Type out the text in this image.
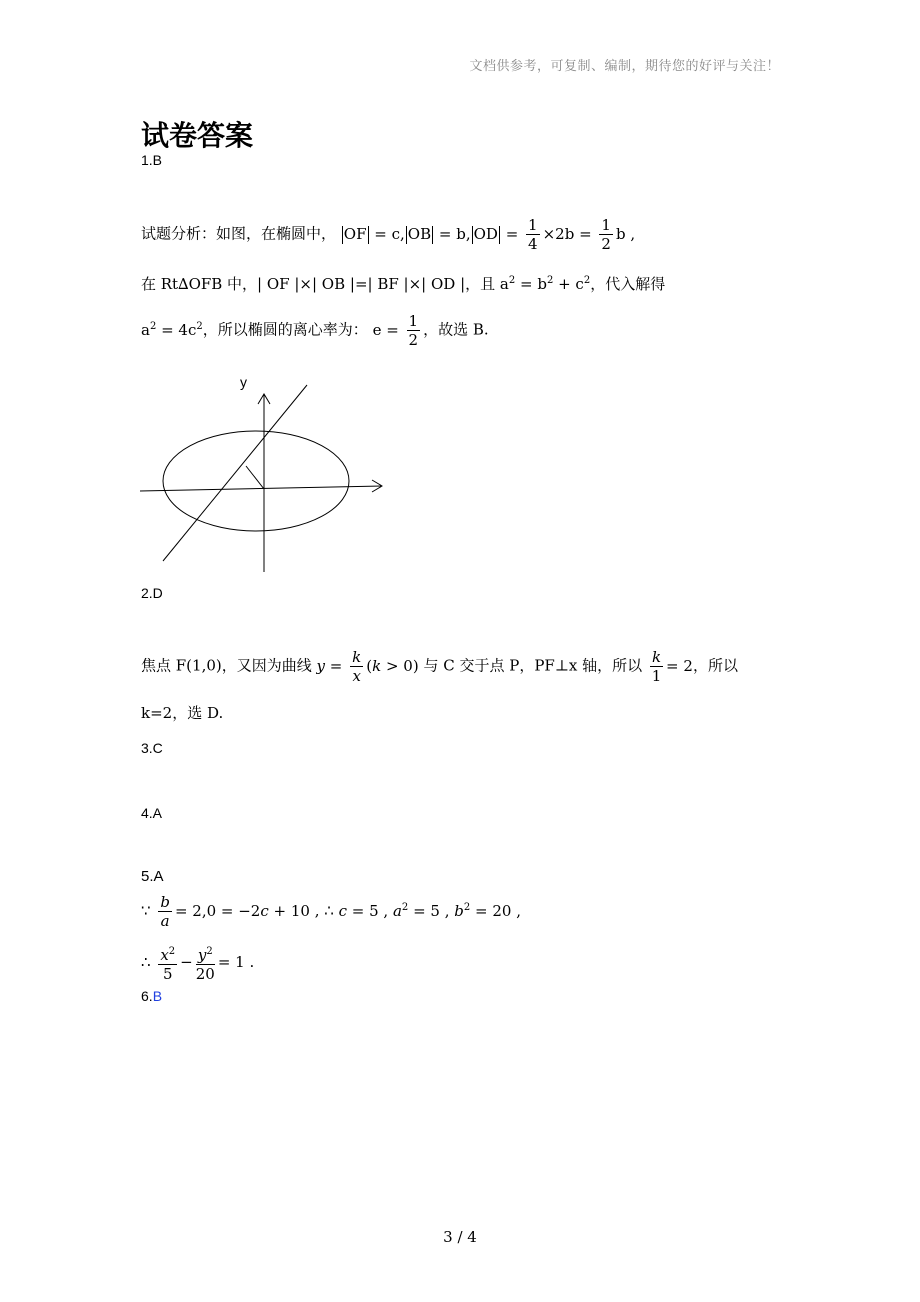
文档供参考，可复制、编制，期待您的好评与关注！
试卷答案
1.B
试题分析：如图，在椭圆中， OF = c, OB = b, OD = $\frac{1}{4} \times 2b = \frac{1}{2}$ b ,
在 Rt∆OFB 中，| OF |×| OB |=| BF |×| OD |，且 $a^2 = b^2 + c^2$，代入解得
$a^2 = 4c^2$，所以椭圆的离心率为： $e = \frac{1}{2}$ ，故选 B.
y
2.D
焦点 F(1,0)，又因为曲线 $y = \frac{k}{x} (k > 0)$ 与 C 交于点 P，PF⊥x 轴，所以 $\frac{k}{1} = 2$，所以
k=2，选 D.
3.C
4.A
5.A
∵ $\frac{b}{a} = 2,0 = -2c + 10$ , ∴ c = 5 , $a^2 = 5$ , $b^2 = 20$ ,
∴ $\frac{x^2}{5} - \frac{y^2}{20} = 1$ .
6.B
3 / 4
